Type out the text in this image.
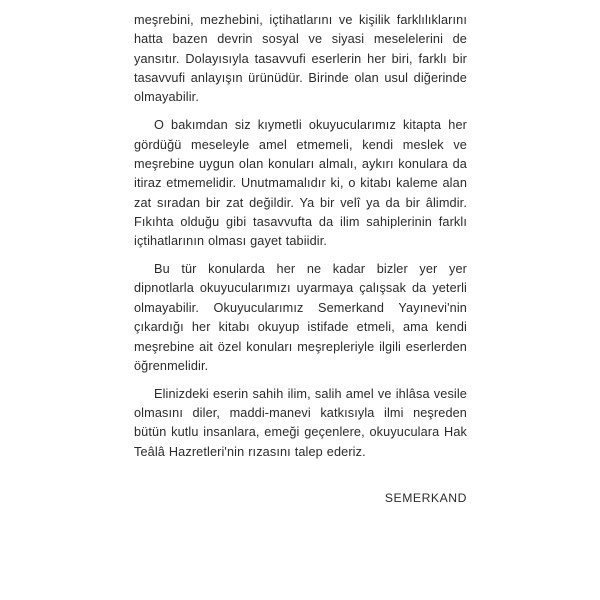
meşrebini, mezhebini, içtihatlarını ve kişilik farklılıklarını hatta bazen devrin sosyal ve siyasi meselelerini de yansıtır. Dolayısıyla tasavvufi eserlerin her biri, farklı bir tasavvufi anlayışın ürünüdür. Birinde olan usul diğerinde olmayabilir.

O bakımdan siz kıymetli okuyucularımız kitapta her gördüğü meseleyle amel etmemeli, kendi meslek ve meşrebine uygun olan konuları almalı, aykırı konulara da itiraz etmemelidir. Unutmamalıdır ki, o kitabı kaleme alan zat sıradan bir zat değildir. Ya bir velî ya da bir âlimdir. Fıkıhta olduğu gibi tasavvufta da ilim sahiplerinin farklı içtihatlarının olması gayet tabiidir.

Bu tür konularda her ne kadar bizler yer yer dipnotlarla okuyucularımızı uyarmaya çalışsak da yeterli olmayabilir. Okuyucularımız Semerkand Yayınevi'nin çıkardığı her kitabı okuyup istifade etmeli, ama kendi meşrebine ait özel konuları meşrepleriyle ilgili eserlerden öğrenmelidir.

Elinizdeki eserin sahih ilim, salih amel ve ihlâsa vesile olmasını diler, maddi-manevi katkısıyla ilmi neşreden bütün kutlu insanlara, emeği geçenlere, okuyuculara Hak Teâlâ Hazretleri'nin rızasını talep ederiz.

SEMERKAND
